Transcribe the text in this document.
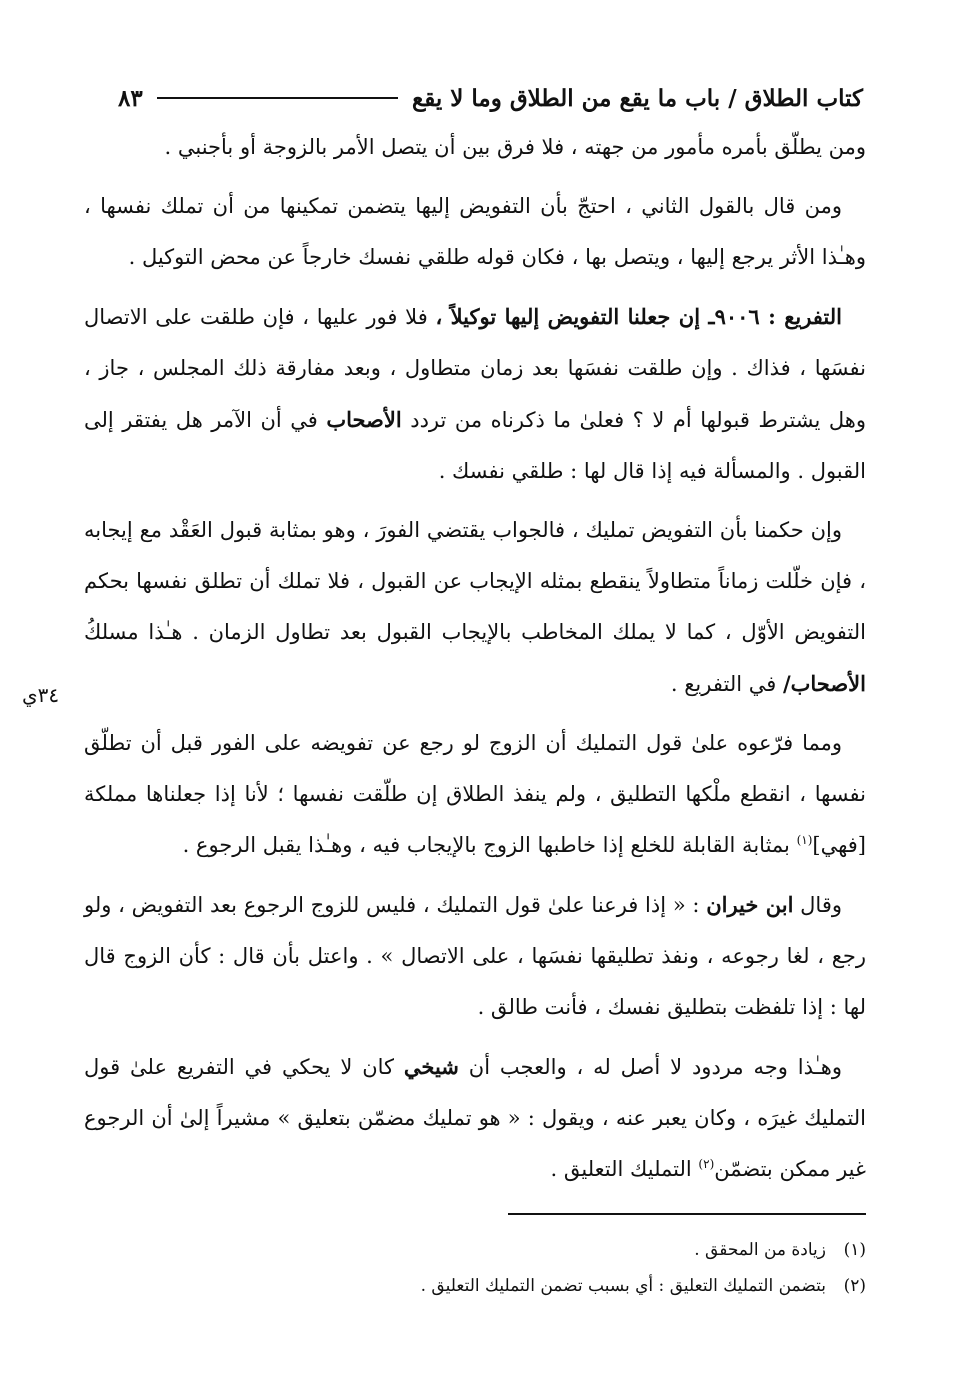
كتاب الطلاق / باب ما يقع من الطلاق وما لا يقع
٨٣
٣٤ي

ومن يطلّق بأمره مأمور من جهته ، فلا فرق بين أن يتصل الأمر بالزوجة أو بأجنبي .

ومن قال بالقول الثاني ، احتجّ بأن التفويض إليها يتضمن تمكينها من أن تملك نفسها ، وهـٰذا الأثر يرجع إليها ، ويتصل بها ، فكان قوله طلقي نفسك خارجاً عن محض التوكيل .

التفريع : ٩٠٠٦ـ إن جعلنا التفويض إليها توكيلاً ، فلا فور عليها ، فإن طلقت على الاتصال نفسَها ، فذاك . وإن طلقت نفسَها بعد زمان متطاول ، وبعد مفارقة ذلك المجلس ، جاز ، وهل يشترط قبولها أم لا ؟ فعلىٰ ما ذكرناه من تردد الأصحاب في أن الآمر هل يفتقر إلى القبول . والمسألة فيه إذا قال لها : طلقي نفسك .

وإن حكمنا بأن التفويض تمليك ، فالجواب يقتضي الفورَ ، وهو بمثابة قبول العَقْد مع إيجابه ، فإن خلّلت زماناً متطاولاً ينقطع بمثله الإيجاب عن القبول ، فلا تملك أن تطلق نفسها بحكم التفويض الأوّل ، كما لا يملك المخاطب بالإيجاب القبول بعد تطاول الزمان . هـٰذا مسلكُ الأصحاب/ في التفريع .

ومما فرّعوه علىٰ قول التمليك أن الزوج لو رجع عن تفويضه على الفور قبل أن تطلّق نفسها ، انقطع ملْكها التطليق ، ولم ينفذ الطلاق إن طلّقت نفسها ؛ لأنا إذا جعلناها مملكة [فهي]$^{(١)}$ بمثابة القابلة للخلع إذا خاطبها الزوج بالإيجاب فيه ، وهـٰذا يقبل الرجوع .

وقال ابن خيران : « إذا فرعنا علىٰ قول التمليك ، فليس للزوج الرجوع بعد التفويض ، ولو رجع ، لغا رجوعه ، ونفذ تطليقها نفسَها ، على الاتصال » . واعتل بأن قال : كأن الزوج قال لها : إذا تلفظت بتطليق نفسك ، فأنت طالق .

وهـٰذا وجه مردود لا أصل له ، والعجب أن شيخي كان لا يحكي في التفريع علىٰ قول التمليك غيرَه ، وكان يعبر عنه ، ويقول : « هو تمليك مضمّن بتعليق » مشيراً إلىٰ أن الرجوع غير ممكن بتضمّن$^{(٢)}$ التمليك التعليق .

(١)زيادة من المحقق .
(٢)بتضمن التمليك التعليق : أي بسبب تضمن التمليك التعليق .
